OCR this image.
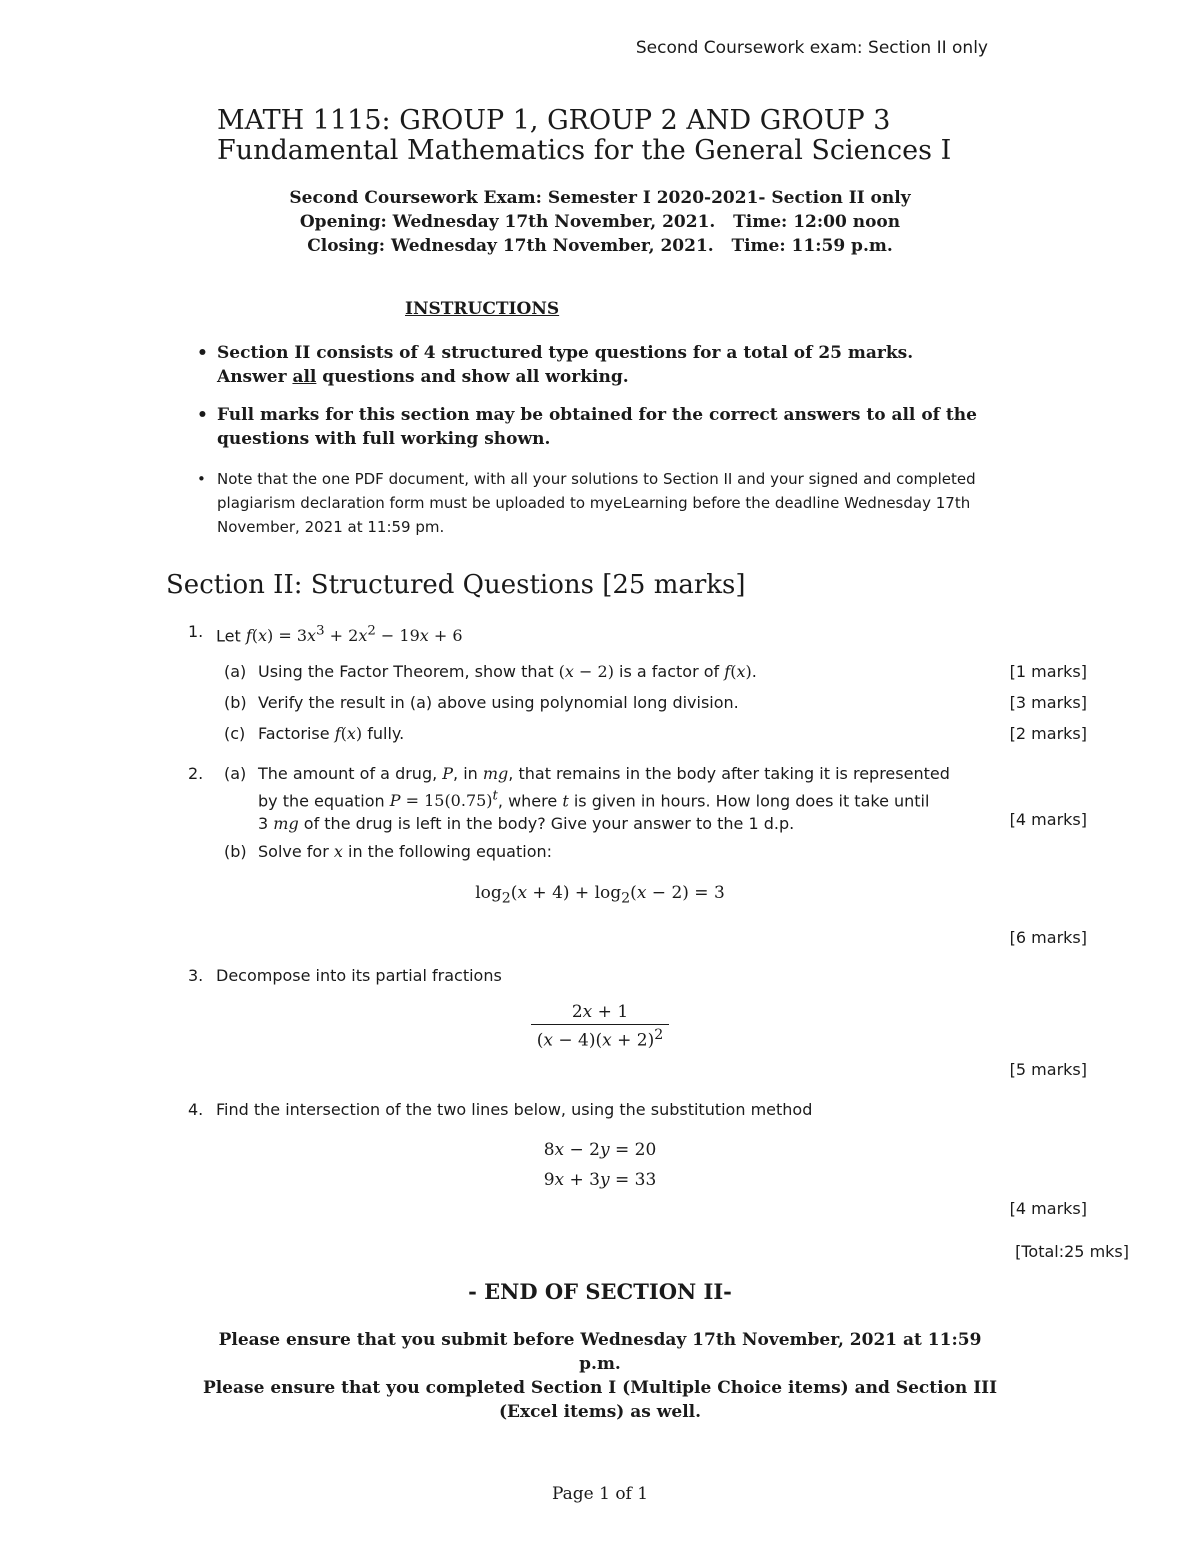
Second Coursework exam: Section II only
MATH 1115: GROUP 1, GROUP 2 AND GROUP 3
Fundamental Mathematics for the General Sciences I
Second Coursework Exam: Semester I 2020-2021- Section II only
Opening: Wednesday 17th November, 2021.   Time: 12:00 noon
Closing: Wednesday 17th November, 2021.   Time: 11:59 p.m.
INSTRUCTIONS
• Section II consists of 4 structured type questions for a total of 25 marks.
Answer all questions and show all working.
• Full marks for this section may be obtained for the correct answers to all of the questions with full working shown.
• Note that the one PDF document, with all your solutions to Section II and your signed and completed plagiarism declaration form must be uploaded to myeLearning before the deadline Wednesday 17th November, 2021 at 11:59 pm.
Section II: Structured Questions [25 marks]
1. Let $f(x) = 3x^3 + 2x^2 - 19x + 6$
(a) Using the Factor Theorem, show that (x − 2) is a factor of f(x).	[1 marks]
(b) Verify the result in (a) above using polynomial long division.	[3 marks]
(c) Factorise f(x) fully.	[2 marks]
2. (a) The amount of a drug, P, in mg, that remains in the body after taking it is represented
by the equation $P = 15(0.75)^t$, where t is given in hours. How long does it take until
3 mg of the drug is left in the body? Give your answer to the 1 d.p.	[4 marks]
(b) Solve for x in the following equation:
$\log_2(x + 4) + \log_2(x - 2) = 3$
[6 marks]
3. Decompose into its partial fractions
$\frac{2x + 1}{(x - 4)(x + 2)^2}$
[5 marks]
4. Find the intersection of the two lines below, using the substitution method
8x − 2y = 20
9x + 3y = 33
[4 marks]
[Total:25 mks]
- END OF SECTION II-
Please ensure that you submit before Wednesday 17th November, 2021 at 11:59
p.m.
Please ensure that you completed Section I (Multiple Choice items) and Section III
(Excel items) as well.
Page 1 of 1
